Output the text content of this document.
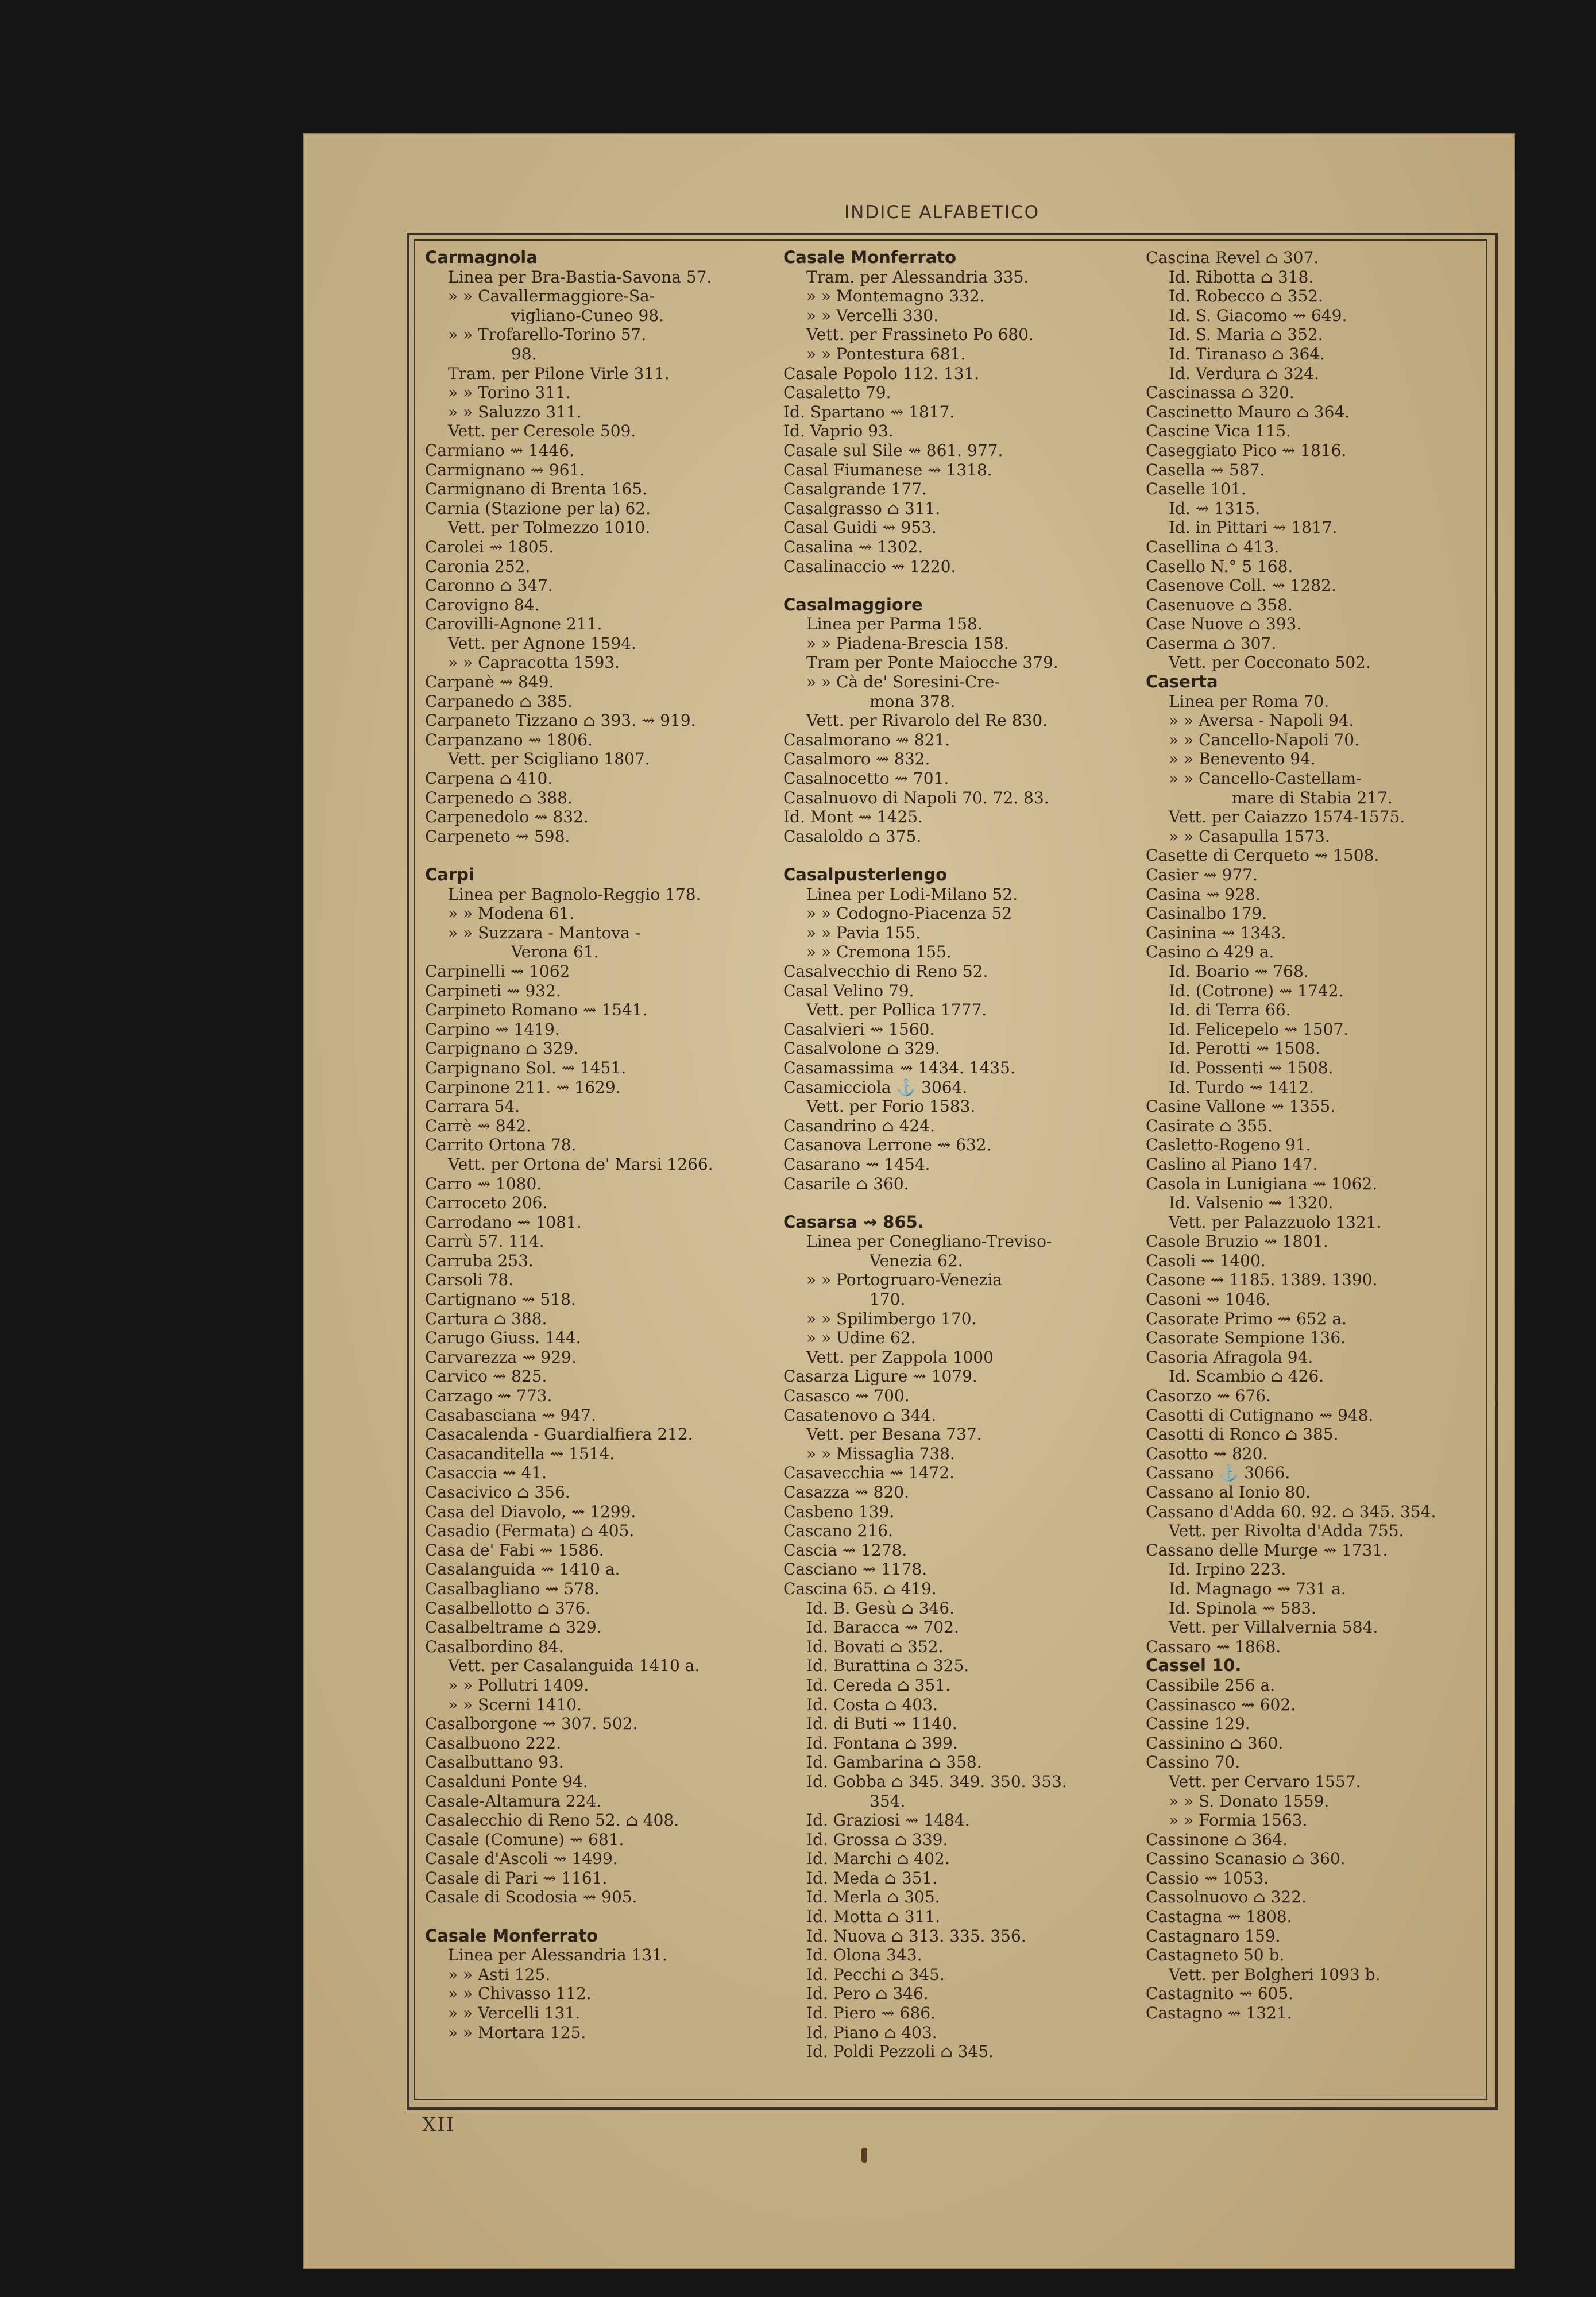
INDICE ALFABETICO
Carmagnola
Linea per Bra-Bastia-Savona 57.
» » Cavallermaggiore-Sa-
vigliano-Cuneo 98.
» » Trofarello-Torino 57.
98.
Tram. per Pilone Virle 311.
» » Torino 311.
» » Saluzzo 311.
Vett. per Ceresole 509.
Carmiano ⇝ 1446.
Carmignano ⇝ 961.
Carmignano di Brenta 165.
Carnia (Stazione per la) 62.
Vett. per Tolmezzo 1010.
Carolei ⇝ 1805.
Caronia 252.
Caronno ⌂ 347.
Carovigno 84.
Carovilli-Agnone 211.
Vett. per Agnone 1594.
» » Capracotta 1593.
Carpanè ⇝ 849.
Carpanedo ⌂ 385.
Carpaneto Tizzano ⌂ 393. ⇝ 919.
Carpanzano ⇝ 1806.
Vett. per Scigliano 1807.
Carpena ⌂ 410.
Carpenedo ⌂ 388.
Carpenedolo ⇝ 832.
Carpeneto ⇝ 598.
Carpi
Linea per Bagnolo-Reggio 178.
» » Modena 61.
» » Suzzara - Mantova -
Verona 61.
Carpinelli ⇝ 1062
Carpineti ⇝ 932.
Carpineto Romano ⇝ 1541.
Carpino ⇝ 1419.
Carpignano ⌂ 329.
Carpignano Sol. ⇝ 1451.
Carpinone 211. ⇝ 1629.
Carrara 54.
Carrè ⇝ 842.
Carrito Ortona 78.
Vett. per Ortona de' Marsi 1266.
Carro ⇝ 1080.
Carroceto 206.
Carrodano ⇝ 1081.
Carrù 57. 114.
Carruba 253.
Carsoli 78.
Cartignano ⇝ 518.
Cartura ⌂ 388.
Carugo Giuss. 144.
Carvarezza ⇝ 929.
Carvico ⇝ 825.
Carzago ⇝ 773.
Casabasciana ⇝ 947.
Casacalenda - Guardialfiera 212.
Casacanditella ⇝ 1514.
Casaccia ⇝ 41.
Casacivico ⌂ 356.
Casa del Diavolo, ⇝ 1299.
Casadio (Fermata) ⌂ 405.
Casa de' Fabi ⇝ 1586.
Casalanguida ⇝ 1410 a.
Casalbagliano ⇝ 578.
Casalbellotto ⌂ 376.
Casalbeltrame ⌂ 329.
Casalbordino 84.
Vett. per Casalanguida 1410 a.
» » Pollutri 1409.
» » Scerni 1410.
Casalborgone ⇝ 307. 502.
Casalbuono 222.
Casalbuttano 93.
Casalduni Ponte 94.
Casale-Altamura 224.
Casalecchio di Reno 52. ⌂ 408.
Casale (Comune) ⇝ 681.
Casale d'Ascoli ⇝ 1499.
Casale di Pari ⇝ 1161.
Casale di Scodosia ⇝ 905.
Casale Monferrato
Linea per Alessandria 131.
» » Asti 125.
» » Chivasso 112.
» » Vercelli 131.
» » Mortara 125.
Casale Monferrato
Tram. per Alessandria 335.
» » Montemagno 332.
» » Vercelli 330.
Vett. per Frassineto Po 680.
» » Pontestura 681.
Casale Popolo 112. 131.
Casaletto 79.
Id. Spartano ⇝ 1817.
Id. Vaprio 93.
Casale sul Sile ⇝ 861. 977.
Casal Fiumanese ⇝ 1318.
Casalgrande 177.
Casalgrasso ⌂ 311.
Casal Guidi ⇝ 953.
Casalina ⇝ 1302.
Casalinaccio ⇝ 1220.
Casalmaggiore
Linea per Parma 158.
» » Piadena-Brescia 158.
Tram per Ponte Maiocche 379.
» » Cà de' Soresini-Cre-
mona 378.
Vett. per Rivarolo del Re 830.
Casalmorano ⇝ 821.
Casalmoro ⇝ 832.
Casalnocetto ⇝ 701.
Casalnuovo di Napoli 70. 72. 83.
Id. Mont ⇝ 1425.
Casaloldo ⌂ 375.
Casalpusterlengo
Linea per Lodi-Milano 52.
» » Codogno-Piacenza 52
» » Pavia 155.
» » Cremona 155.
Casalvecchio di Reno 52.
Casal Velino 79.
Vett. per Pollica 1777.
Casalvieri ⇝ 1560.
Casalvolone ⌂ 329.
Casamassima ⇝ 1434. 1435.
Casamicciola ⚓ 3064.
Vett. per Forio 1583.
Casandrino ⌂ 424.
Casanova Lerrone ⇝ 632.
Casarano ⇝ 1454.
Casarile ⌂ 360.
Casarsa ⇝ 865.
Linea per Conegliano-Treviso-
Venezia 62.
» » Portogruaro-Venezia
170.
» » Spilimbergo 170.
» » Udine 62.
Vett. per Zappola 1000
Casarza Ligure ⇝ 1079.
Casasco ⇝ 700.
Casatenovo ⌂ 344.
Vett. per Besana 737.
» » Missaglia 738.
Casavecchia ⇝ 1472.
Casazza ⇝ 820.
Casbeno 139.
Cascano 216.
Cascia ⇝ 1278.
Casciano ⇝ 1178.
Cascina 65. ⌂ 419.
Id. B. Gesù ⌂ 346.
Id. Baracca ⇝ 702.
Id. Bovati ⌂ 352.
Id. Burattina ⌂ 325.
Id. Cereda ⌂ 351.
Id. Costa ⌂ 403.
Id. di Buti ⇝ 1140.
Id. Fontana ⌂ 399.
Id. Gambarina ⌂ 358.
Id. Gobba ⌂ 345. 349. 350. 353.
354.
Id. Graziosi ⇝ 1484.
Id. Grossa ⌂ 339.
Id. Marchi ⌂ 402.
Id. Meda ⌂ 351.
Id. Merla ⌂ 305.
Id. Motta ⌂ 311.
Id. Nuova ⌂ 313. 335. 356.
Id. Olona 343.
Id. Pecchi ⌂ 345.
Id. Pero ⌂ 346.
Id. Piero ⇝ 686.
Id. Piano ⌂ 403.
Id. Poldi Pezzoli ⌂ 345.
Cascina Revel ⌂ 307.
Id. Ribotta ⌂ 318.
Id. Robecco ⌂ 352.
Id. S. Giacomo ⇝ 649.
Id. S. Maria ⌂ 352.
Id. Tiranaso ⌂ 364.
Id. Verdura ⌂ 324.
Cascinassa ⌂ 320.
Cascinetto Mauro ⌂ 364.
Cascine Vica 115.
Caseggiato Pico ⇝ 1816.
Casella ⇝ 587.
Caselle 101.
Id. ⇝ 1315.
Id. in Pittari ⇝ 1817.
Casellina ⌂ 413.
Casello N.° 5 168.
Casenove Coll. ⇝ 1282.
Casenuove ⌂ 358.
Case Nuove ⌂ 393.
Caserma ⌂ 307.
Vett. per Cocconato 502.
Caserta
Linea per Roma 70.
» » Aversa - Napoli 94.
» » Cancello-Napoli 70.
» » Benevento 94.
» » Cancello-Castellam-
mare di Stabia 217.
Vett. per Caiazzo 1574-1575.
» » Casapulla 1573.
Casette di Cerqueto ⇝ 1508.
Casier ⇝ 977.
Casina ⇝ 928.
Casinalbo 179.
Casinina ⇝ 1343.
Casino ⌂ 429 a.
Id. Boario ⇝ 768.
Id. (Cotrone) ⇝ 1742.
Id. di Terra 66.
Id. Felicepelo ⇝ 1507.
Id. Perotti ⇝ 1508.
Id. Possenti ⇝ 1508.
Id. Turdo ⇝ 1412.
Casine Vallone ⇝ 1355.
Casirate ⌂ 355.
Casletto-Rogeno 91.
Caslino al Piano 147.
Casola in Lunigiana ⇝ 1062.
Id. Valsenio ⇝ 1320.
Vett. per Palazzuolo 1321.
Casole Bruzio ⇝ 1801.
Casoli ⇝ 1400.
Casone ⇝ 1185. 1389. 1390.
Casoni ⇝ 1046.
Casorate Primo ⇝ 652 a.
Casorate Sempione 136.
Casoria Afragola 94.
Id. Scambio ⌂ 426.
Casorzo ⇝ 676.
Casotti di Cutignano ⇝ 948.
Casotti di Ronco ⌂ 385.
Casotto ⇝ 820.
Cassano ⚓ 3066.
Cassano al Ionio 80.
Cassano d'Adda 60. 92. ⌂ 345. 354.
Vett. per Rivolta d'Adda 755.
Cassano delle Murge ⇝ 1731.
Id. Irpino 223.
Id. Magnago ⇝ 731 a.
Id. Spinola ⇝ 583.
Vett. per Villalvernia 584.
Cassaro ⇝ 1868.
Cassel 10.
Cassibile 256 a.
Cassinasco ⇝ 602.
Cassine 129.
Cassinino ⌂ 360.
Cassino 70.
Vett. per Cervaro 1557.
» » S. Donato 1559.
» » Formia 1563.
Cassinone ⌂ 364.
Cassino Scanasio ⌂ 360.
Cassio ⇝ 1053.
Cassolnuovo ⌂ 322.
Castagna ⇝ 1808.
Castagnaro 159.
Castagneto 50 b.
Vett. per Bolgheri 1093 b.
Castagnito ⇝ 605.
Castagno ⇝ 1321.
XII
